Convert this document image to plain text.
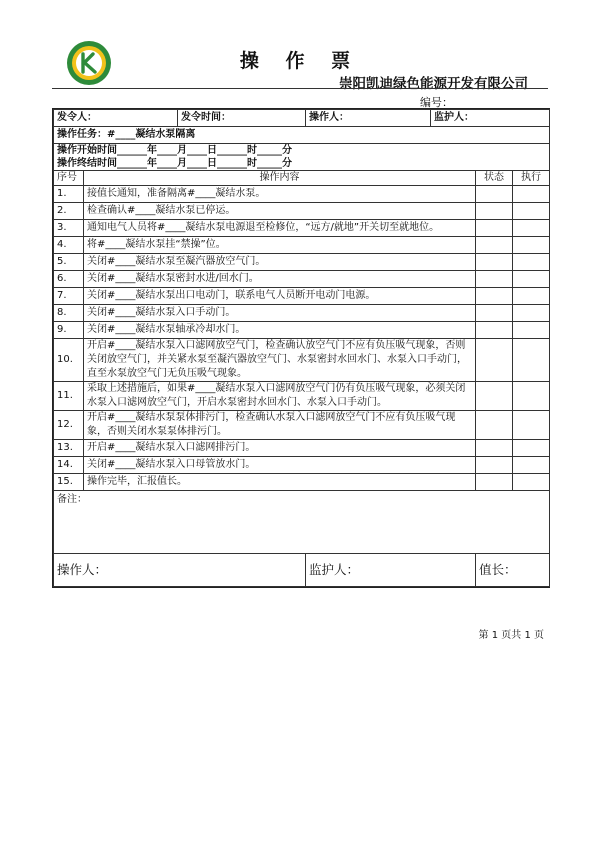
操 作 票
崇阳凯迪绿色能源开发有限公司
编号：
发令人：		发令时间：	操作人：	监护人：		
操作任务：#____凝结水泵隔离						

操作开始时间______年____月____日______时_____分
操作终结时间______年____月____日______时_____分						

序号	操作内容				状态	执行
1.	接值长通知，准备隔离#____凝结水泵。					
2.	检查确认#____凝结水泵已停运。					
3.	通知电气人员将#____凝结水泵电源退至检修位，“远方/就地”开关切至就地位。					
4.	将#____凝结水泵挂“禁操”位。					
5.	关闭#____凝结水泵至凝汽器放空气门。					
6.	关闭#____凝结水泵密封水进/回水门。					
7.	关闭#____凝结水泵出口电动门，联系电气人员断开电动门电源。					
8.	关闭#____凝结水泵入口手动门。					
9.	关闭#____凝结水泵轴承冷却水门。					
10.	开启#____凝结水泵入口滤网放空气门，检查确认放空气门不应有负压吸气现象，否则关闭放空气门，并关紧水泵至凝汽器放空气门、水泵密封水回水门、水泵入口手动门，直至水泵放空气门无负压吸气现象。					
11.	采取上述措施后，如果#____凝结水泵入口滤网放空气门仍有负压吸气现象，必须关闭水泵入口滤网放空气门，开启水泵密封水回水门、水泵入口手动门。					
12.	开启#____凝结水泵泵体排污门，检查确认水泵入口滤网放空气门不应有负压吸气现象，否则关闭水泵泵体排污门。					
13.	开启#____凝结水泵入口滤网排污门。					
14.	关闭#____凝结水泵入口母管放水门。					
15.	操作完毕，汇报值长。					
备注：						
操作人：			监护人：		值长：	
第 1 页共 1 页
